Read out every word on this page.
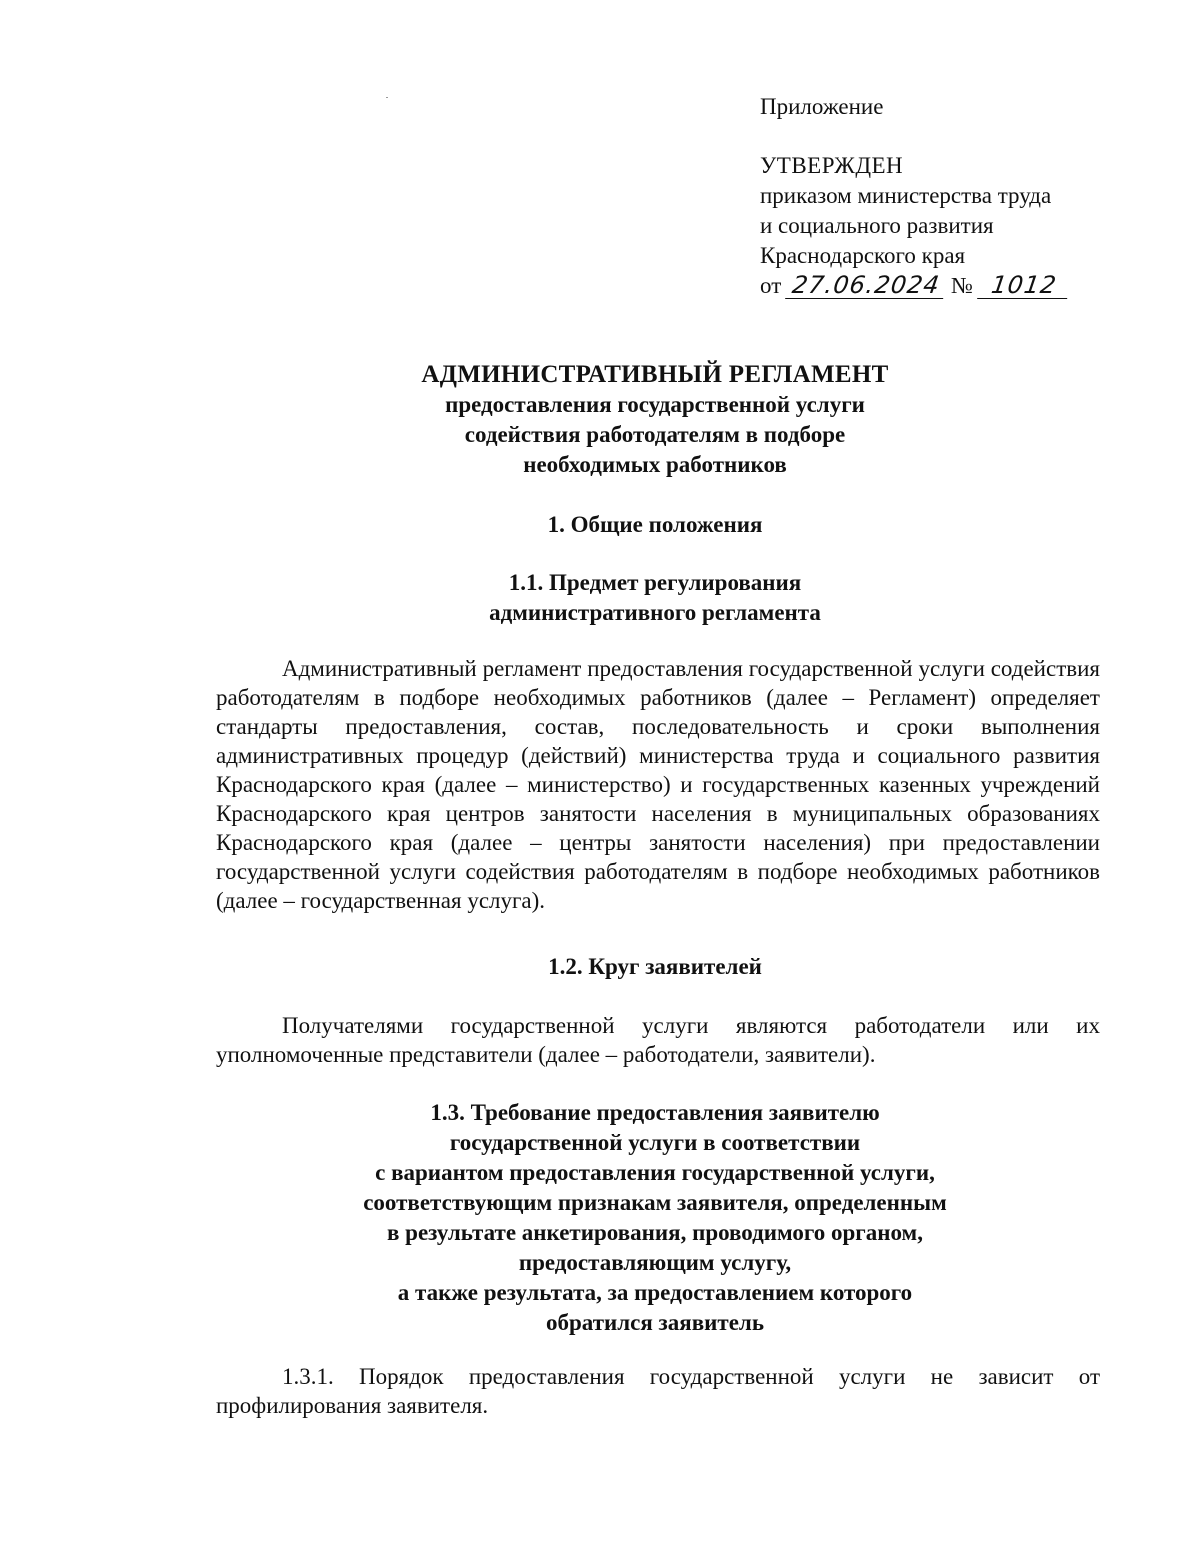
Приложение
УТВЕРЖДЕН
приказом министерства труда
и социального развития
Краснодарского края
от 27.06.2024 № 1012
АДМИНИСТРАТИВНЫЙ РЕГЛАМЕНТ
предоставления государственной услуги
содействия работодателям в подборе
необходимых работников
1. Общие положения
1.1. Предмет регулирования
административного регламента
Административный регламент предоставления государственной услуги содействия работодателям в подборе необходимых работников (далее – Регламент) определяет стандарты предоставления, состав, последовательность и сроки выполнения административных процедур (действий) министерства труда и социального развития Краснодарского края (далее – министерство) и государственных казенных учреждений Краснодарского края центров занятости населения в муниципальных образованиях Краснодарского края (далее – центры занятости населения) при предоставлении государственной услуги содействия работодателям в подборе необходимых работников (далее – государственная услуга).
1.2. Круг заявителей
Получателями государственной услуги являются работодатели или их уполномоченные представители (далее – работодатели, заявители).
1.3. Требование предоставления заявителю
государственной услуги в соответствии
с вариантом предоставления государственной услуги,
соответствующим признакам заявителя, определенным
в результате анкетирования, проводимого органом,
предоставляющим услугу,
а также результата, за предоставлением которого
обратился заявитель
1.3.1. Порядок предоставления государственной услуги не зависит от профилирования заявителя.
